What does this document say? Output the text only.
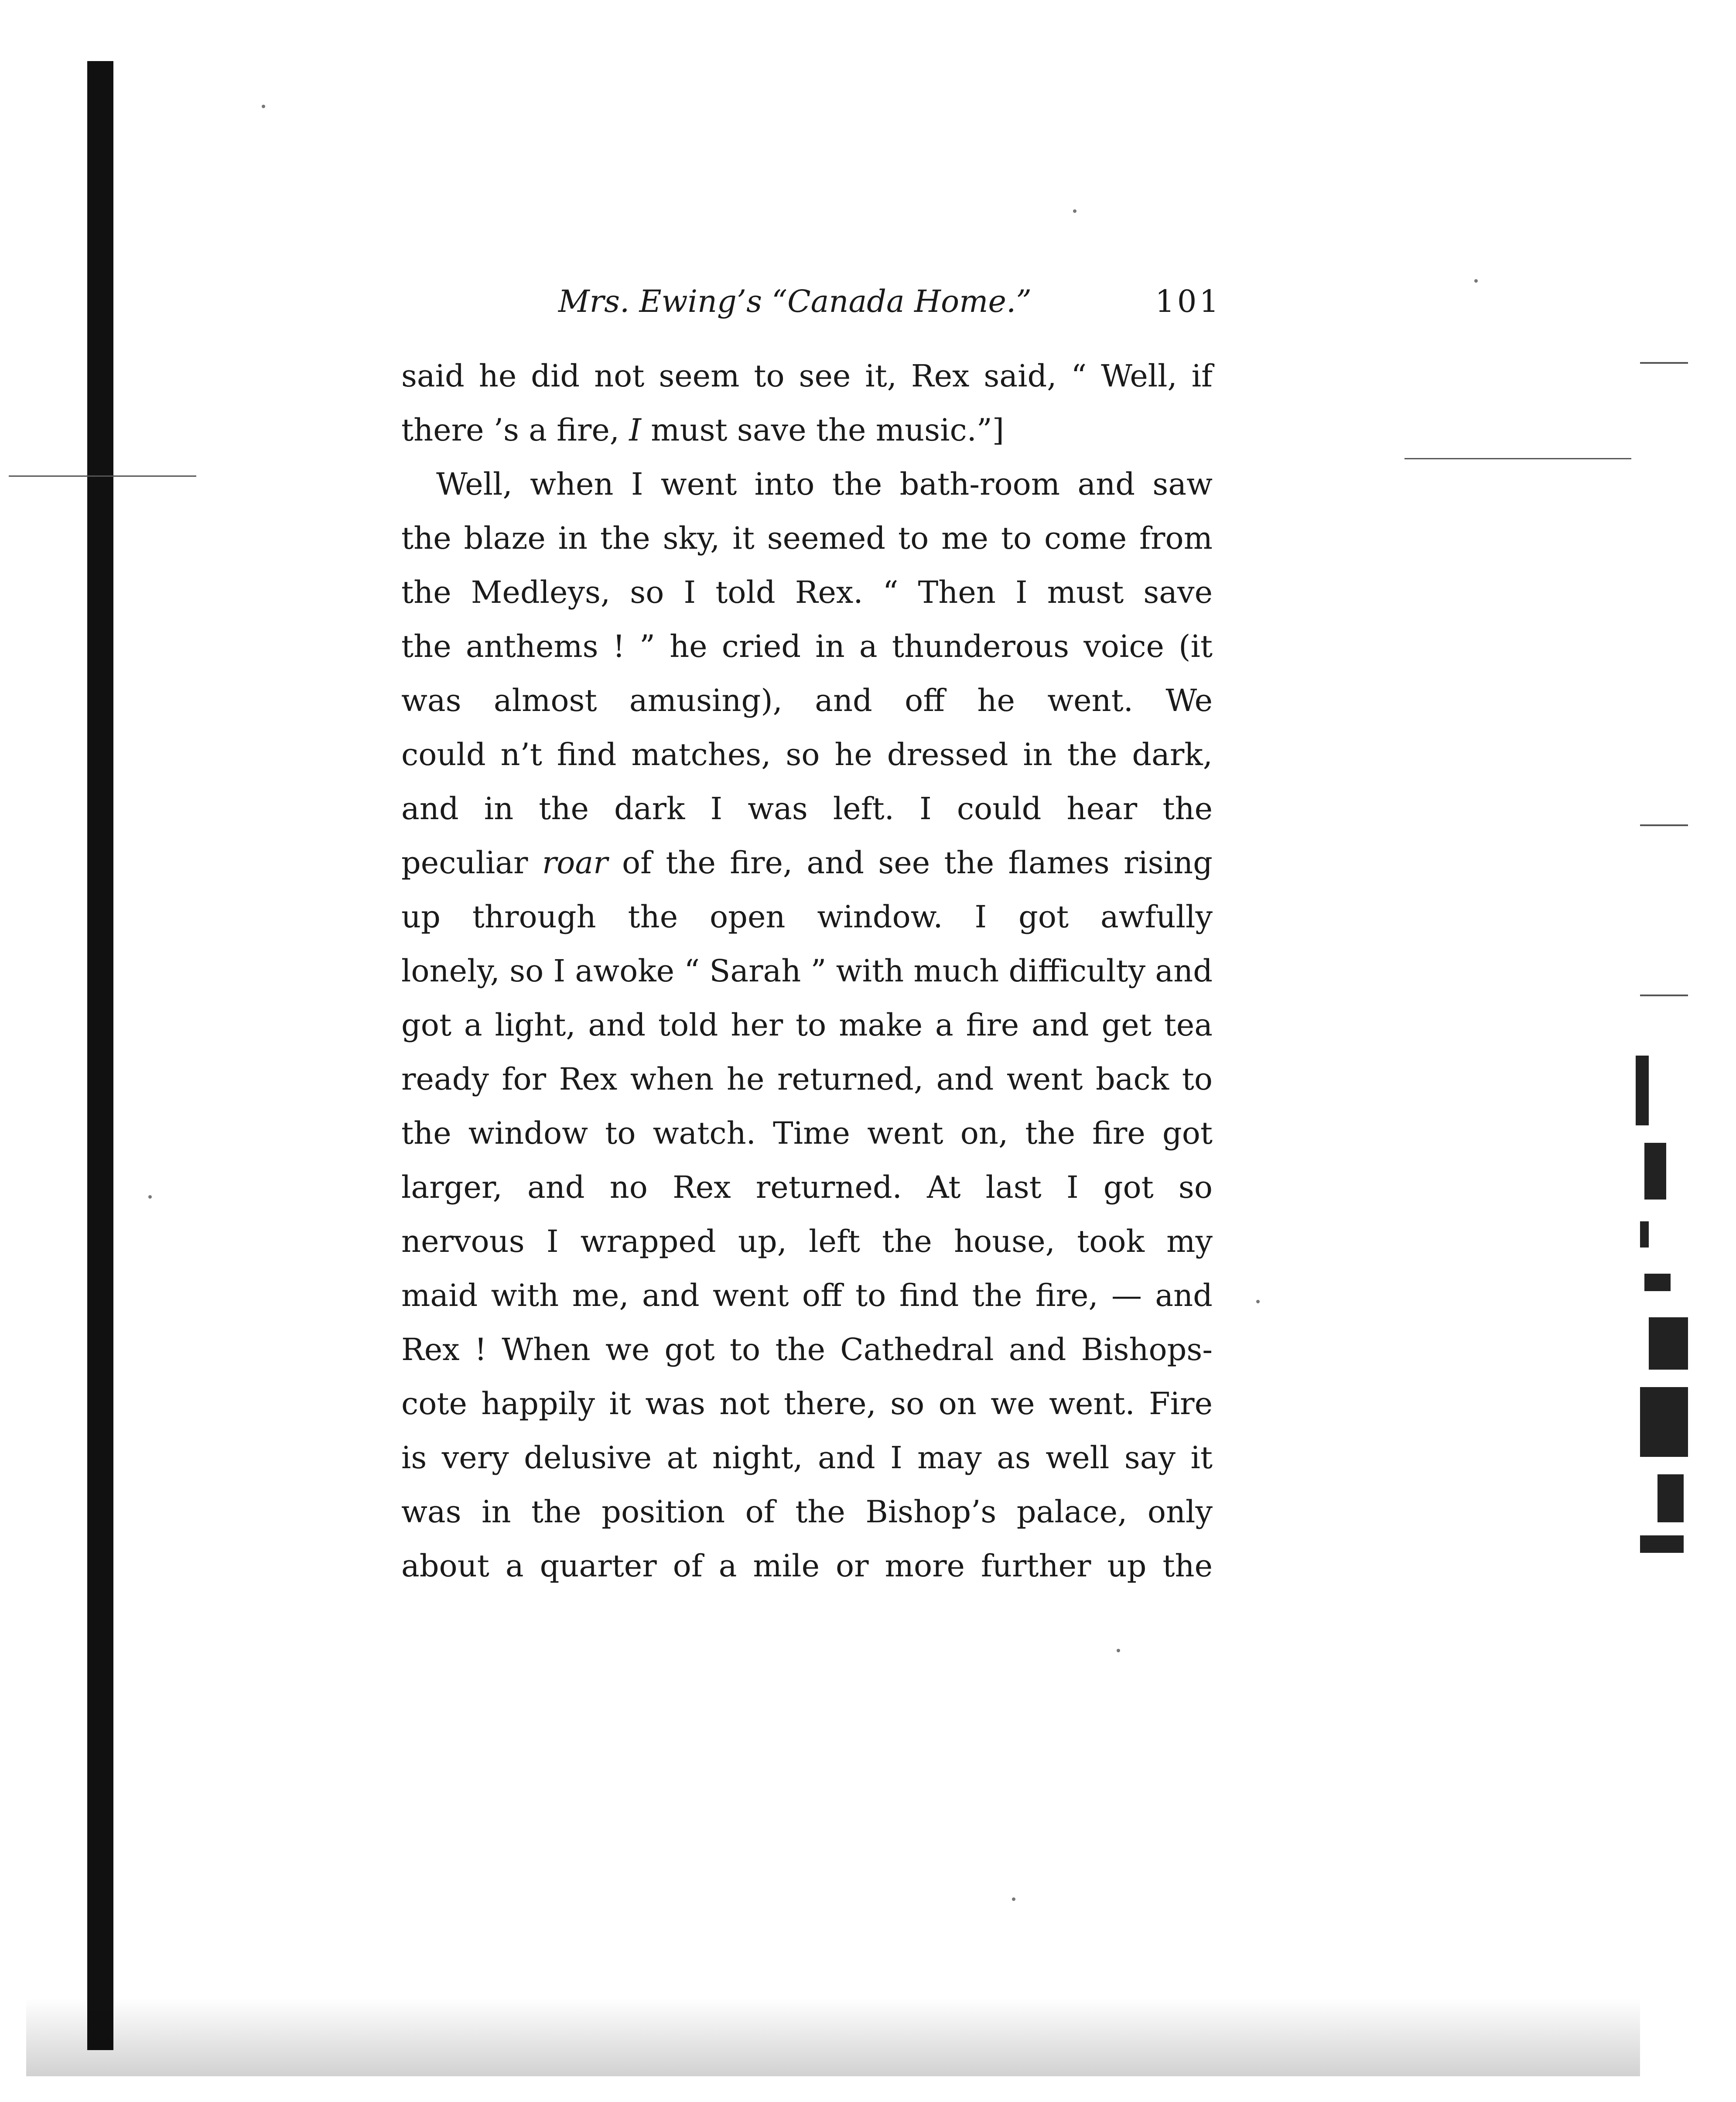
Mrs. Ewing’s “Canada Home.”	101
said he did not seem to see it, Rex said, “ Well, if
there ’s a fire, I must save the music.”]
Well, when I went into the bath-room and saw
the blaze in the sky, it seemed to me to come from
the Medleys, so I told Rex. “ Then I must save
the anthems ! ” he cried in a thunderous voice (it
was almost amusing), and off he went. We
could n’t find matches, so he dressed in the dark,
and in the dark I was left. I could hear the
peculiar roar of the fire, and see the flames rising
up through the open window. I got awfully
lonely, so I awoke “ Sarah ” with much difficulty and
got a light, and told her to make a fire and get tea
ready for Rex when he returned, and went back to
the window to watch. Time went on, the fire got
larger, and no Rex returned. At last I got so
nervous I wrapped up, left the house, took my
maid with me, and went off to find the fire, — and
Rex ! When we got to the Cathedral and Bishops-
cote happily it was not there, so on we went. Fire
is very delusive at night, and I may as well say it
was in the position of the Bishop’s palace, only
about a quarter of a mile or more further up the
